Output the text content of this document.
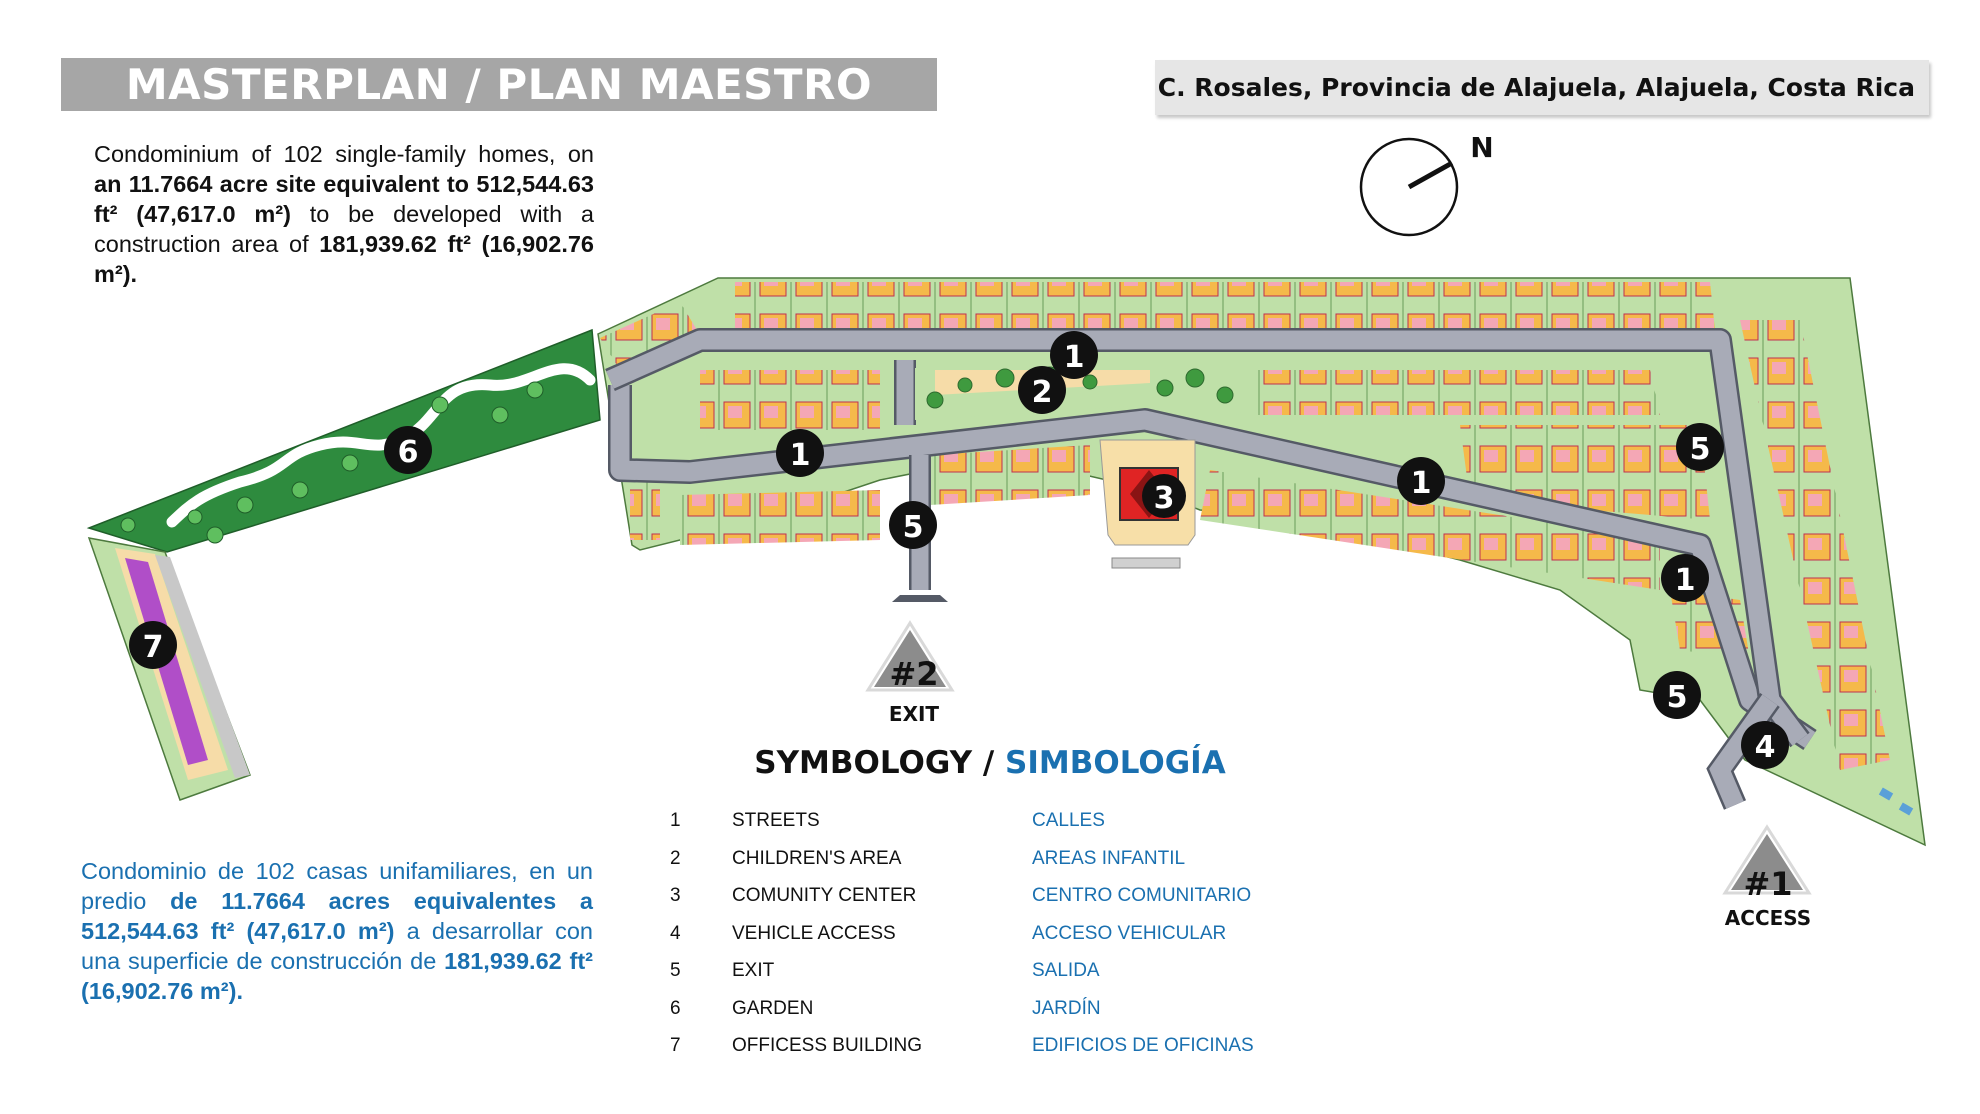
MASTERPLAN / PLAN MAESTRO	C. Rosales, Provincia de Alajuela, Alajuela, Costa Rica
Condominium of 102 single-family homes, on an 11.7664 acre site equivalent to 512,544.63 ft² (47,617.0 m²) to be developed with a construction area of 181,939.62 ft² (16,902.76 m²).
Condominio de 102 casas unifamiliares, en un predio de 11.7664 acres equivalentes a 512,544.63 ft² (47,617.0 m²) a desarrollar con una superficie de construcción de 181,939.62 ft² (16,902.76 m²).
N
1
1
1
1
2
3
4
5
5
5
6
7
#2
EXIT
#1
ACCESS
SYMBOLOGY / SIMBOLOGÍA
1	STREETS	CALLES
2	CHILDREN'S AREA	AREAS INFANTIL
3	COMUNITY CENTER	CENTRO COMUNITARIO
4	VEHICLE ACCESS	ACCESO VEHICULAR
5	EXIT	SALIDA
6	GARDEN	JARDÍN
7	OFFICESS BUILDING	EDIFICIOS DE OFICINAS
